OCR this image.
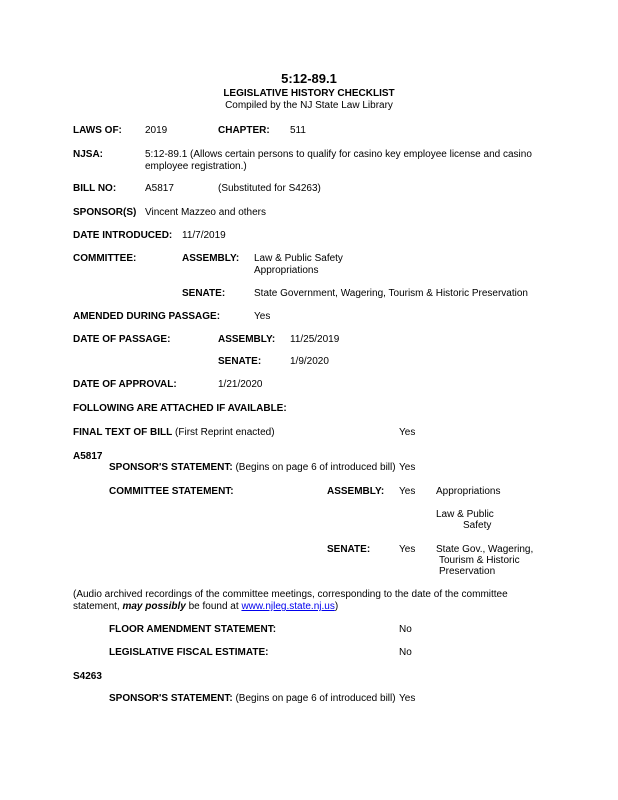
5:12-89.1
LEGISLATIVE HISTORY CHECKLIST
Compiled by the NJ State Law Library
LAWS OF: 2019	CHAPTER: 511
NJSA:	5:12-89.1 (Allows certain persons to qualify for casino key employee license and casino
employee registration.)
BILL NO:	A5817	(Substituted for S4263)
SPONSOR(S) Vincent Mazzeo and others
DATE INTRODUCED: 11/7/2019
COMMITTEE:	ASSEMBLY: Law & Public Safety
Appropriations
SENATE:	State Government, Wagering, Tourism & Historic Preservation
AMENDED DURING PASSAGE:	Yes
DATE OF PASSAGE:	ASSEMBLY: 11/25/2019
SENATE:	1/9/2020
DATE OF APPROVAL:	1/21/2020
FOLLOWING ARE ATTACHED IF AVAILABLE:
FINAL TEXT OF BILL (First Reprint enacted)	Yes
A5817
SPONSOR'S STATEMENT: (Begins on page 6 of introduced bill) Yes
COMMITTEE STATEMENT:	ASSEMBLY: Yes Appropriations
Law & Public
Safety
SENATE:	Yes State Gov., Wagering,
Tourism & Historic
Preservation
(Audio archived recordings of the committee meetings, corresponding to the date of the committee
statement, may possibly be found at www.njleg.state.nj.us)
FLOOR AMENDMENT STATEMENT:	No
LEGISLATIVE FISCAL ESTIMATE:	No
S4263
SPONSOR'S STATEMENT: (Begins on page 6 of introduced bill) Yes
